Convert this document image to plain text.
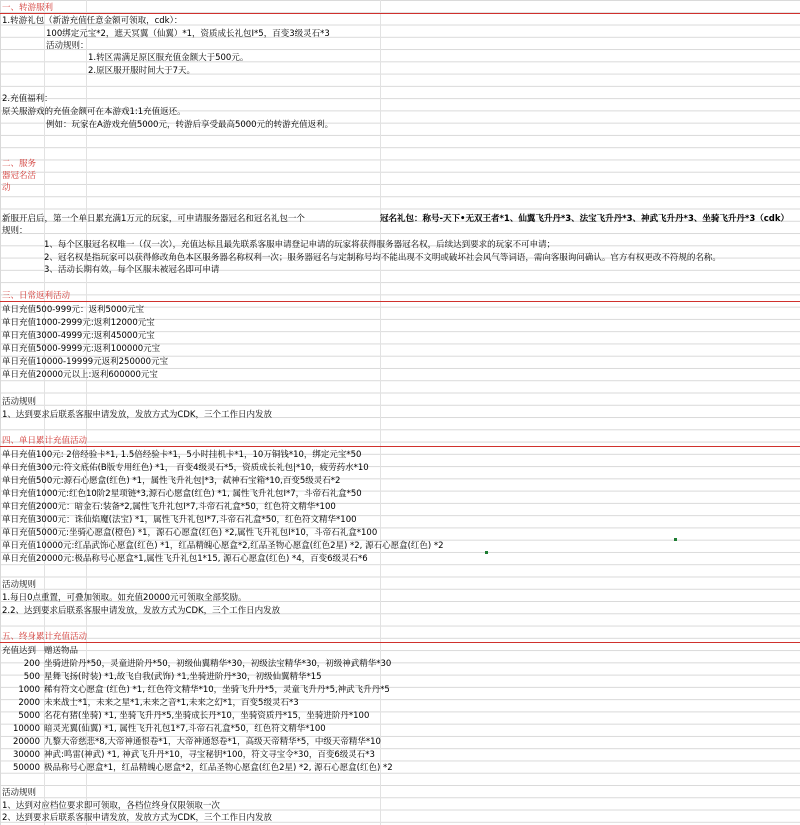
一、转游服利
1.转游礼包（新游充值任意金额可领取，cdk）：
100绑定元宝*2，遮天冥翼（仙翼）*1，资质成长礼包I*5，百变3级灵石*3
活动规则：
1.转区需满足原区服充值金额大于500元。
2.原区服开服时间大于7天。
2.充值福利：
原关服游戏的充值金额可在本游戏1:1充值返还。
例如：玩家在A游戏充值5000元，转游后享受最高5000元的转游充值返利。
二、服务
器冠名活
动
新服开启后，第一个单日累充满1万元的玩家，可申请服务器冠名和冠名礼包一个	冠名礼包：称号-天下•无双王者*1、仙翼飞升丹*3、法宝飞升丹*3、神武飞升丹*3、坐骑飞升丹*3（cdk）
规则：
1、每个区服冠名权唯一（仅一次），充值达标且最先联系客服申请登记申请的玩家将获得服务器冠名权，后续达到要求的玩家不可申请；
2、冠名权是指玩家可以获得修改角色本区服务器名称权利一次；服务器冠名与定制称号均不能出现不文明或破坏社会风气等词语，需向客服询问确认。官方有权更改不符规的名称。
3、活动长期有效，每个区服未被冠名即可申请
三、日常返利活动
单日充值500-999元：返利5000元宝
单日充值1000-2999元:返利12000元宝
单日充值3000-4999元:返利45000元宝
单日充值5000-9999元:返利100000元宝
单日充值10000-19999元返利250000元宝
单日充值20000元以上:返利600000元宝
活动规则
1、达到要求后联系客服申请发放，发放方式为CDK，三个工作日内发放
四、单日累计充值活动
单日充值100元: 2倍经验卡*1, 1.5倍经验卡*1，5小时挂机卡*1，10万铜钱*10，绑定元宝*50
单日充值300元:符文底佑(B版专用红色) *1， 百变4级灵石*5，资质成长礼包|*10，疲劳药水*10
单日充值500元:源石心愿盒(红色) *1，属性飞升礼包|*3，弑神石宝箱*10,百变5级灵石*2
单日充值1000元:红色10阶2星项链*3,源石心愿盒(红色) *1, 属性飞升礼包I*7，斗帝石礼盒*50
单日充值2000元：暗金石:装备*2,属性飞升礼包I*7,斗帝石礼盒*50，红色符文精华*100
单日充值3000元：诛仙焰魔(法宝) *1，属性飞升礼包I*7,斗帝石礼盒*50，红色符文精华*100
单日充值5000元:坐骑心愿盒(橙色) *1，源石心愿盒(红色) *2,属性飞升礼包I*10，斗帝石礼盒*100
单日充值10000元:红品武饰心愿盒(红色) *1，红品精魄心愿盒*2,红品圣物心愿盒(红色2星) *2, 源石心愿盒(红色) *2
单日充值20000元:极品称号心愿盒*1,属性飞升礼包1*15, 源石心愿盒(红色) *4，百变6级灵石*6
活动规则
1.每日0点重置，可叠加领取。如充值20000元可领取全部奖励。
2.2、达到要求后联系客服申请发放，发放方式为CDK，三个工作日内发放
五、终身累计充值活动
充值达到 赠送物品
200 坐骑进阶丹*50，灵童进阶丹*50，初级仙翼精华*30，初级法宝精华*30，初级神武精华*30
500 星舞飞扬(时装) *1,故飞自我(武饰) *1,坐骑进阶丹*30，初级仙翼精华*15
1000 稀有符文心愿盒 (红色) *1, 红色符文精华*10，坐骑飞升丹*5，灵童飞升丹*5,神武飞升丹*5
2000 未来战士*1，未来之星*1,未来之音*1,未来之幻*1，百变5级灵石*3
5000 名花有猪(坐骑) *1, 坐骑飞升丹*5,坐骑成长丹*10，坐骑资质丹*15，坐骑进阶丹*100
10000 暗灵光翼(仙翼) *1, 属性飞升礼包1*7,斗帝石礼盒*50，红色符文精华*100
20000 九黎大帝慈悲*8,大帝神通恨卷*1，大帝神通怒卷*1，高级天帝精华*5，中级天帝精华*10
30000 神武:鸣雷(神武) *1, 神武飞升丹*10，寻宝秘钥*100，符文寻宝令*30，百变6级灵石*3
50000 极品称号心愿盒*1，红品精魄心愿盒*2，红品圣物心愿盒(红色2星) *2, 源石心愿盒(红色) *2
活动规则
1、达到对应档位要求即可领取，各档位终身仅限领取一次
2、达到要求后联系客服申请发放，发放方式为CDK，三个工作日内发放
